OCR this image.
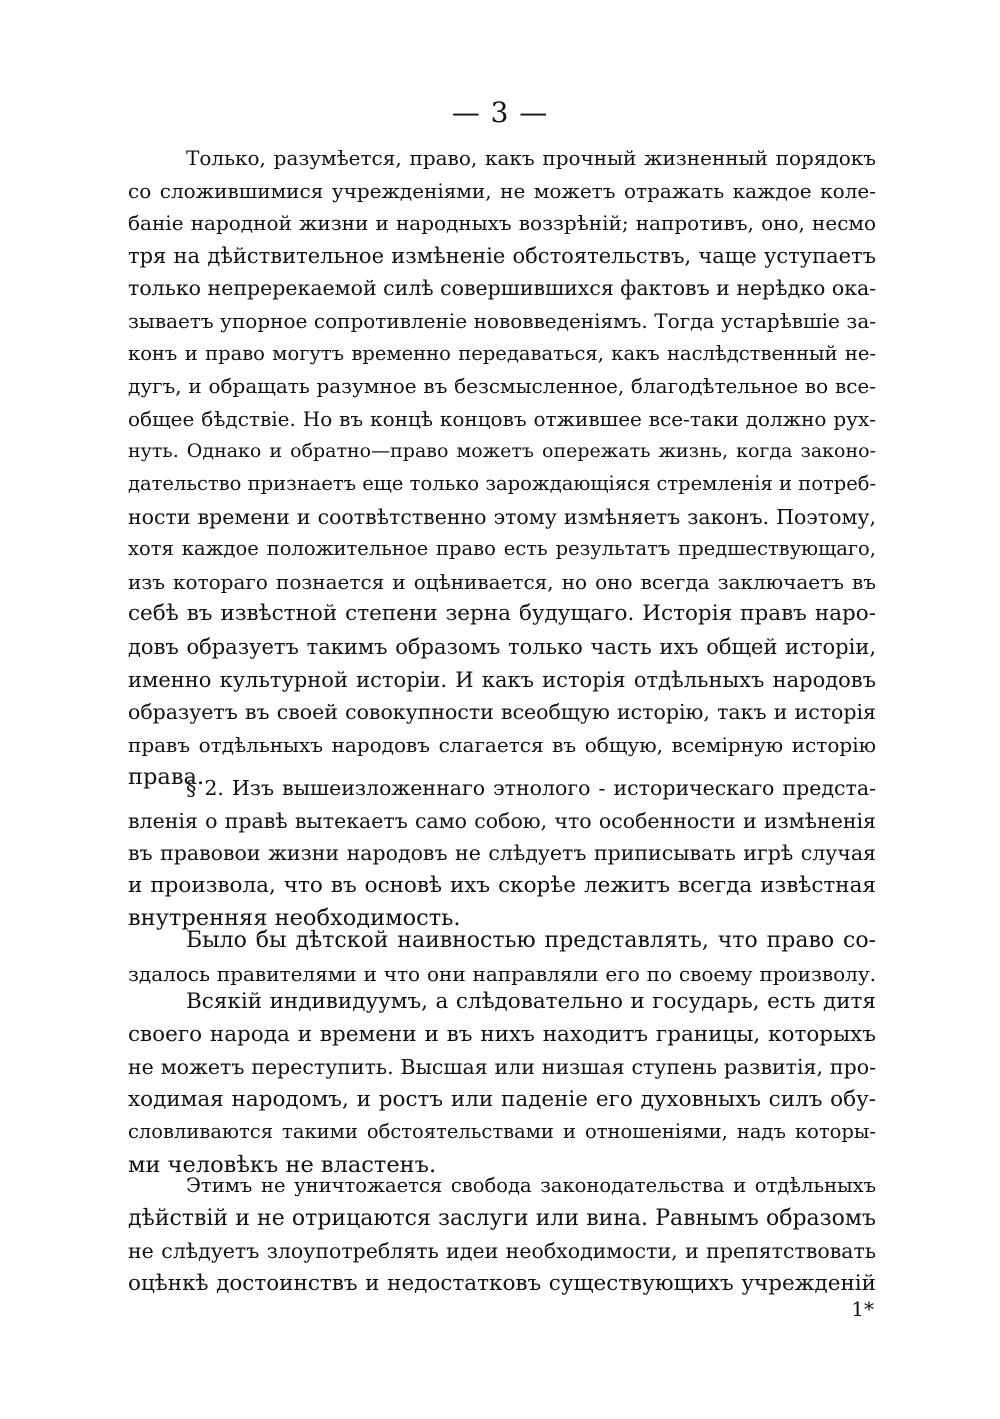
— 3 —
Только, разумѣется, право, какъ прочный жизненный порядокъ
со сложившимися учрежденіями, не можетъ отражать каждое коле-
баніе народной жизни и народныхъ воззрѣній; напротивъ, оно, несмо
тря на дѣйствительное измѣненіе обстоятельствъ, чаще уступаетъ
только непререкаемой силѣ совершившихся фактовъ и нерѣдко ока-
зываетъ упорное сопротивленіе нововведеніямъ. Тогда устарѣвшіе за-
конъ и право могутъ временно передаваться, какъ наслѣдственный не-
дугъ, и обращать разумное въ безсмысленное, благодѣтельное во все-
общее бѣдствіе. Но въ концѣ концовъ отжившее все-таки должно рух-
нуть. Однако и обратно—право можетъ опережать жизнь, когда законо-
дательство признаетъ еще только зарождающіяся стремленія и потреб-
ности времени и соотвѣтственно этому измѣняетъ законъ. Поэтому,
хотя каждое положительное право есть результатъ предшествующаго,
изъ котораго познается и оцѣнивается, но оно всегда заключаетъ въ
себѣ въ извѣстной степени зерна будущаго. Исторія правъ наро-
довъ образуетъ такимъ образомъ только часть ихъ общей исторіи,
именно культурной исторіи. И какъ исторія отдѣльныхъ народовъ
образуетъ въ своей совокупности всеобщую исторію, такъ и исторія
правъ отдѣльныхъ народовъ слагается въ общую, всемірную исторію
права.
§ 2. Изъ вышеизложеннаго этнолого - историческаго предста-
вленія о правѣ вытекаетъ само собою, что особенности и измѣненія
въ правовои жизни народовъ не слѣдуетъ приписывать игрѣ случая
и произвола, что въ основѣ ихъ скорѣе лежитъ всегда извѣстная
внутренняя необходимость.
Было бы дѣтской наивностью представлять, что право со-
здалось правителями и что они направляли его по своему произволу.
Всякій индивидуумъ, а слѣдовательно и государь, есть дитя
своего народа и времени и въ нихъ находитъ границы, которыхъ
не можетъ переступить. Высшая или низшая ступень развитія, про-
ходимая народомъ, и ростъ или паденіе его духовныхъ силъ обу-
словливаются такими обстоятельствами и отношеніями, надъ которы-
ми человѣкъ не властенъ.
Этимъ не уничтожается свобода законодательства и отдѣльныхъ
дѣйствій и не отрицаются заслуги или вина. Равнымъ образомъ
не слѣдуетъ злоупотреблять идеи необходимости, и препятствовать
оцѣнкѣ достоинствъ и недостатковъ существующихъ учрежденій
1*
